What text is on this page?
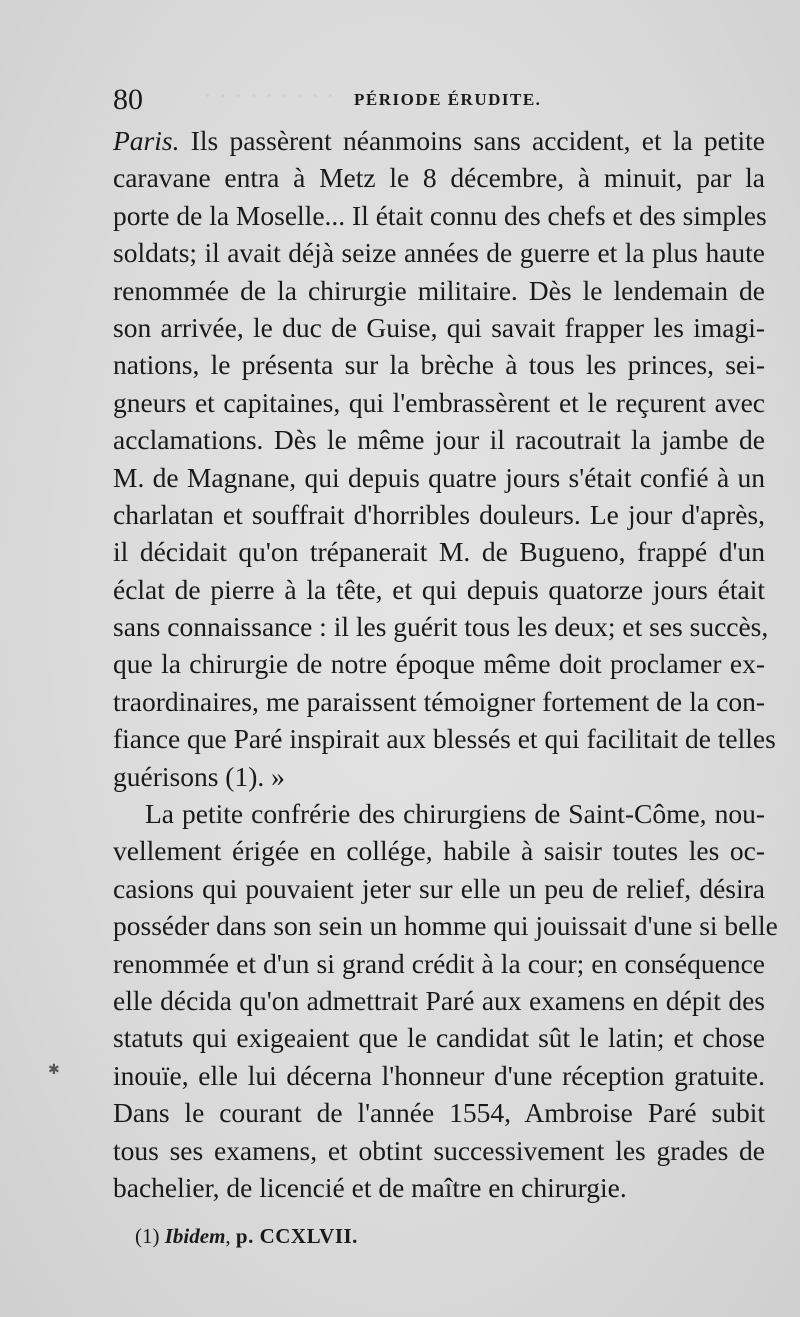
· · · · · · · · ·
80	PÉRIODE ÉRUDITE.
Paris. Ils passèrent néanmoins sans accident, et la petite
caravane entra à Metz le 8 décembre, à minuit, par la
porte de la Moselle... Il était connu des chefs et des simples
soldats; il avait déjà seize années de guerre et la plus haute
renommée de la chirurgie militaire. Dès le lendemain de
son arrivée, le duc de Guise, qui savait frapper les imagi-
nations, le présenta sur la brèche à tous les princes, sei-
gneurs et capitaines, qui l'embrassèrent et le reçurent avec
acclamations. Dès le même jour il racoutrait la jambe de
M. de Magnane, qui depuis quatre jours s'était confié à un
charlatan et souffrait d'horribles douleurs. Le jour d'après,
il décidait qu'on trépanerait M. de Bugueno, frappé d'un
éclat de pierre à la tête, et qui depuis quatorze jours était
sans connaissance : il les guérit tous les deux; et ses succès,
que la chirurgie de notre époque même doit proclamer ex-
traordinaires, me paraissent témoigner fortement de la con-
fiance que Paré inspirait aux blessés et qui facilitait de telles
guérisons (1). »
La petite confrérie des chirurgiens de Saint-Côme, nou-
vellement érigée en collége, habile à saisir toutes les oc-
casions qui pouvaient jeter sur elle un peu de relief, désira
posséder dans son sein un homme qui jouissait d'une si belle
renommée et d'un si grand crédit à la cour; en conséquence
elle décida qu'on admettrait Paré aux examens en dépit des
statuts qui exigeaient que le candidat sût le latin; et chose
inouïe, elle lui décerna l'honneur d'une réception gratuite.
Dans le courant de l'année 1554, Ambroise Paré subit
tous ses examens, et obtint successivement les grades de
bachelier, de licencié et de maître en chirurgie.
(1) Ibidem, p. CCXLVII.
✱
